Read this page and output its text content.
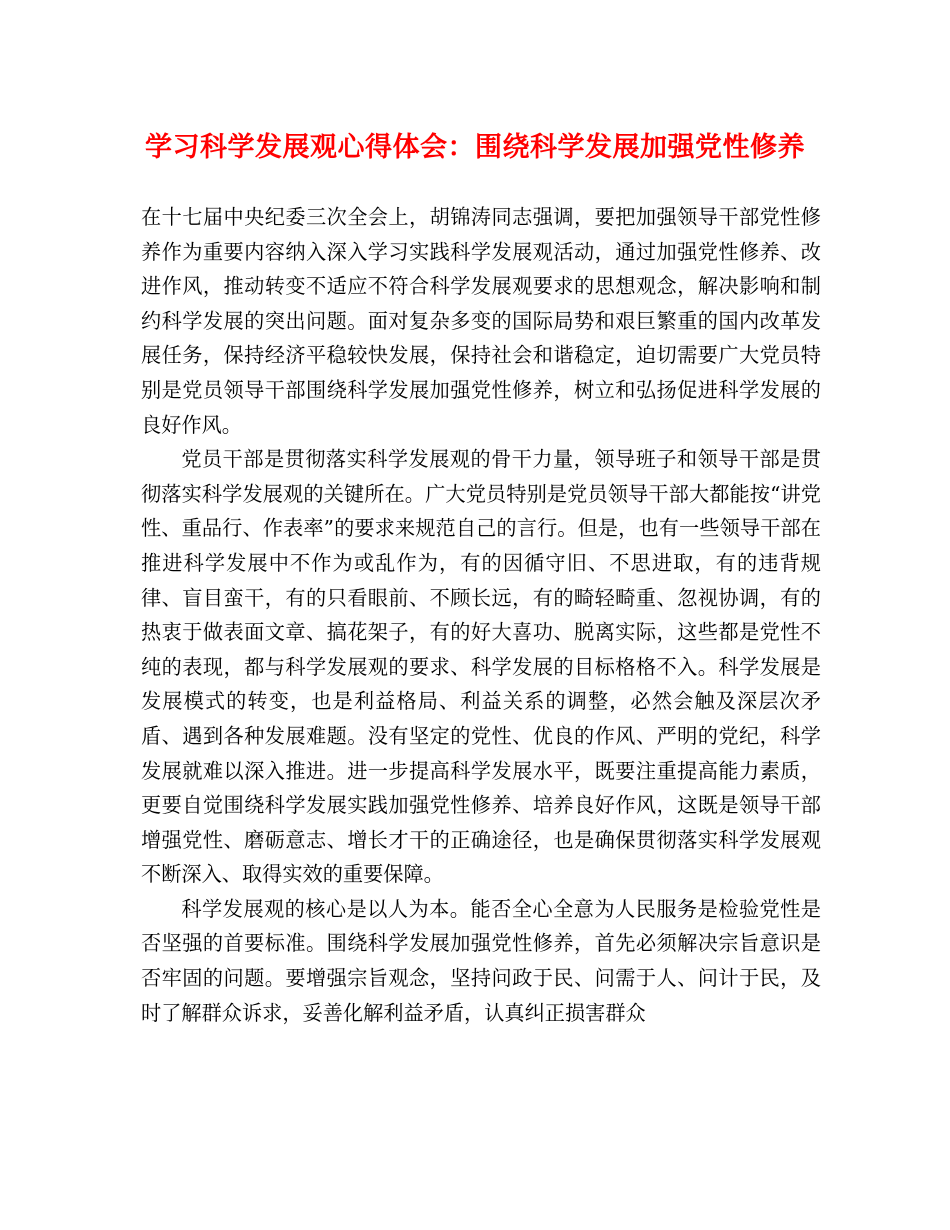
学习科学发展观心得体会：围绕科学发展加强党性修养

在十七届中央纪委三次全会上，胡锦涛同志强调，要把加强领导干部党性修养作为重要内容纳入深入学习实践科学发展观活动，通过加强党性修养、改进作风，推动转变不适应不符合科学发展观要求的思想观念，解决影响和制约科学发展的突出问题。面对复杂多变的国际局势和艰巨繁重的国内改革发展任务，保持经济平稳较快发展，保持社会和谐稳定，迫切需要广大党员特别是党员领导干部围绕科学发展加强党性修养，树立和弘扬促进科学发展的良好作风。

党员干部是贯彻落实科学发展观的骨干力量，领导班子和领导干部是贯彻落实科学发展观的关键所在。广大党员特别是党员领导干部大都能按“讲党性、重品行、作表率”的要求来规范自己的言行。但是，也有一些领导干部在推进科学发展中不作为或乱作为，有的因循守旧、不思进取，有的违背规律、盲目蛮干，有的只看眼前、不顾长远，有的畸轻畸重、忽视协调，有的热衷于做表面文章、搞花架子，有的好大喜功、脱离实际，这些都是党性不纯的表现，都与科学发展观的要求、科学发展的目标格格不入。科学发展是发展模式的转变，也是利益格局、利益关系的调整，必然会触及深层次矛盾、遇到各种发展难题。没有坚定的党性、优良的作风、严明的党纪，科学发展就难以深入推进。进一步提高科学发展水平，既要注重提高能力素质，更要自觉围绕科学发展实践加强党性修养、培养良好作风，这既是领导干部增强党性、磨砺意志、增长才干的正确途径，也是确保贯彻落实科学发展观不断深入、取得实效的重要保障。

科学发展观的核心是以人为本。能否全心全意为人民服务是检验党性是否坚强的首要标准。围绕科学发展加强党性修养，首先必须解决宗旨意识是否牢固的问题。要增强宗旨观念，坚持问政于民、问需于人、问计于民，及时了解群众诉求，妥善化解利益矛盾，认真纠正损害群众
